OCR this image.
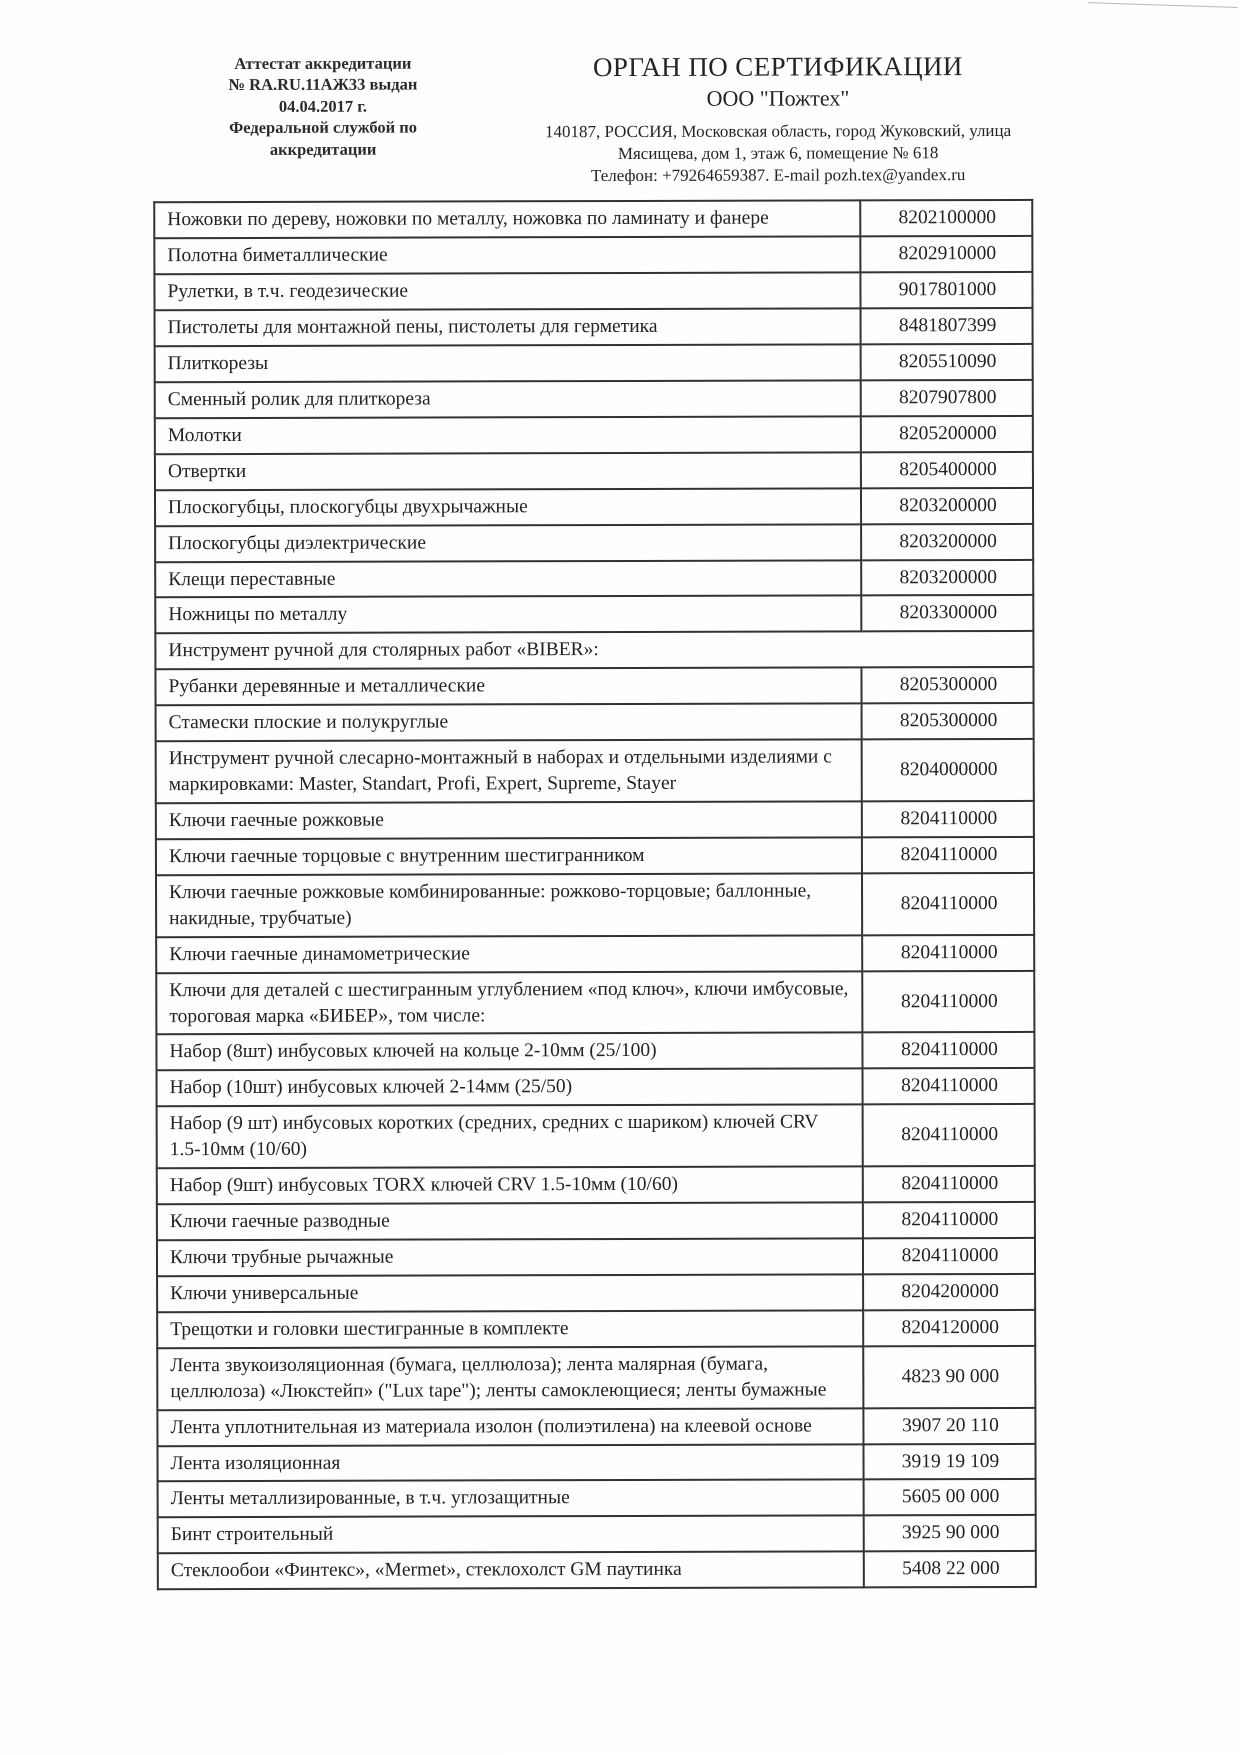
Аттестат аккредитации
№ RA.RU.11АЖ33 выдан
04.04.2017 г.
Федеральной службой по
аккредитации
ОРГАН ПО СЕРТИФИКАЦИИ
ООО "Пожтех"
140187, РОССИЯ, Московская область, город Жуковский, улица
Мясищева, дом 1, этаж 6, помещение № 618
Телефон: +79264659387. E-mail pozh.tex@yandex.ru
Ножовки по дереву, ножовки по металлу, ножовка по ламинату и фанере	8202100000
Полотна биметаллические	8202910000
Рулетки, в т.ч. геодезические	9017801000
Пистолеты для монтажной пены, пистолеты для герметика	8481807399
Плиткорезы	8205510090
Сменный ролик для плиткореза	8207907800
Молотки	8205200000
Отвертки	8205400000
Плоскогубцы, плоскогубцы двухрычажные	8203200000
Плоскогубцы диэлектрические	8203200000
Клещи переставные	8203200000
Ножницы по металлу	8203300000
Инструмент ручной для столярных работ «BIBER»:	
Рубанки деревянные и металлические	8205300000
Стамески плоские и полукруглые	8205300000
Инструмент ручной слесарно-монтажный в наборах и отдельными изделиями с маркировками: Master, Standart, Profi, Expert, Supreme, Stayer	8204000000
Ключи гаечные рожковые	8204110000
Ключи гаечные торцовые с внутренним шестигранником	8204110000
Ключи гаечные рожковые комбинированные: рожково-торцовые; баллонные, накидные, трубчатые)	8204110000
Ключи гаечные динамометрические	8204110000
Ключи для деталей с шестигранным углублением «под ключ», ключи имбусовые, тороговая марка «БИБЕР», том числе:	8204110000
Набор (8шт) инбусовых ключей на кольце 2-10мм (25/100)	8204110000
Набор (10шт) инбусовых ключей 2-14мм (25/50)	8204110000
Набор (9 шт) инбусовых коротких (средних, средних с шариком) ключей CRV 1.5-10мм (10/60)	8204110000
Набор (9шт) инбусовых TORX ключей CRV 1.5-10мм (10/60)	8204110000
Ключи гаечные разводные	8204110000
Ключи трубные рычажные	8204110000
Ключи универсальные	8204200000
Трещотки и головки шестигранные в комплекте	8204120000
Лента звукоизоляционная (бумага, целлюлоза); лента малярная (бумага, целлюлоза) «Люкстейп» ("Lux tape"); ленты самоклеющиеся; ленты бумажные	4823 90 000
Лента уплотнительная из материала изолон (полиэтилена) на клеевой основе	3907 20 110
Лента изоляционная	3919 19 109
Ленты металлизированные, в т.ч. углозащитные	5605 00 000
Бинт строительный	3925 90 000
Стеклообои «Финтекс», «Mermet», стеклохолст GM паутинка	5408 22 000
